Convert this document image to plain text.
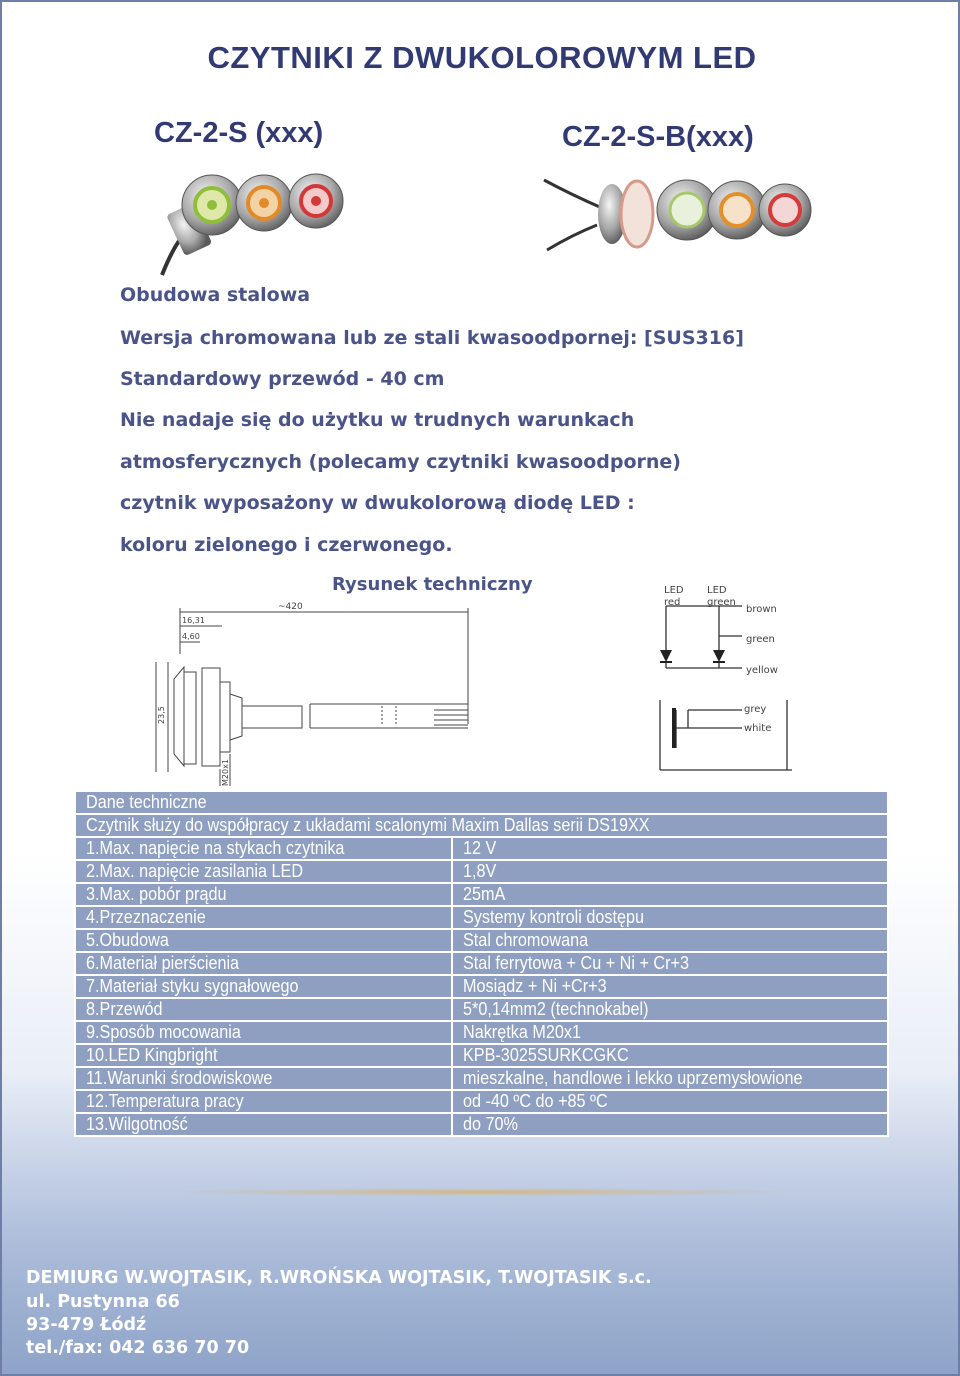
CZYTNIKI Z DWUKOLOROWYM LED
CZ-2-S (xxx)	CZ-2-S-B(xxx)
Obudowa stalowa
Wersja chromowana lub ze stali kwasoodpornej: [SUS316]
Standardowy przewód - 40 cm
Nie nadaje się do użytku w trudnych warunkach
atmosferycznych (polecamy czytniki kwasoodporne)
czytnik wyposażony w dwukolorową diodę LED :
koloru zielonego i czerwonego.
Rysunek techniczny
~420
16,31
4,60
23,5
M20x1
LED
red
LED
green
brown
green
yellow
grey
white
Dane techniczne	
Czytnik służy do współpracy z układami scalonymi Maxim Dallas serii DS19XX	
1.Max. napięcie na stykach czytnika	12 V
2.Max. napięcie zasilania LED	1,8V
3.Max. pobór prądu	25mA
4.Przeznaczenie	Systemy kontroli dostępu
5.Obudowa	Stal chromowana
6.Materiał pierścienia	Stal ferrytowa + Cu + Ni + Cr+3
7.Materiał styku sygnałowego	Mosiądz + Ni +Cr+3
8.Przewód	5*0,14mm2 (technokabel)
9.Sposób mocowania	Nakrętka M20x1
10.LED Kingbright	KPB-3025SURKCGKC
11.Warunki środowiskowe	mieszkalne, handlowe i lekko uprzemysłowione
12.Temperatura pracy	od -40 ºC do +85 ºC
13.Wilgotność	do 70%
DEMIURG W.WOJTASIK, R.WROŃSKA WOJTASIK, T.WOJTASIK s.c.
ul. Pustynna 66
93-479 Łódź
tel./fax: 042 636 70 70
